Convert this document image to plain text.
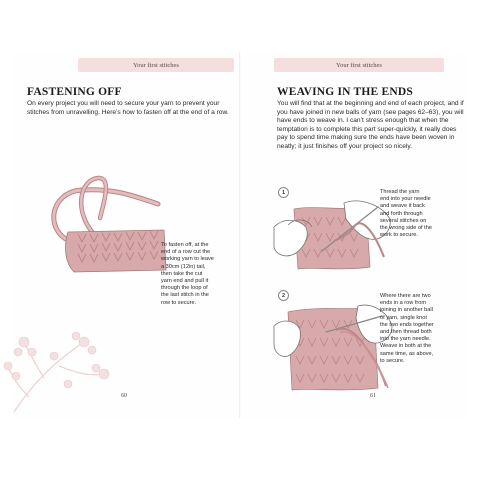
Your first stitches
FASTENING OFF
On every project you will need to secure your yarn to prevent your stitches from unravelling. Here’s how to fasten off at the end of a row.
To fasten off, at the
end of a row cut the
working yarn to leave
a 30cm (12in) tail,
then take the cut
yarn end and pull it
through the loop of
the last stitch in the
row to secure.
60
Your first stitches
WEAVING IN THE ENDS
You will find that at the beginning and end of each project, and if you have joined in new balls of yarn (see pages 62–63), you will have ends to weave in. I can’t stress enough that when the temptation is to complete this part super-quickly, it really does pay to spend time making sure the ends have been woven in neatly; it just finishes off your project so nicely.
1	Thread the yarn
end into your needle
and weave it back
and forth through
several stitches on
the wrong side of the
work to secure.
2	Where there are two
ends in a row from
joining in another ball
of yarn, single knot
the two ends together
and then thread both
into the yarn needle.
Weave in both at the
same time, as above,
to secure.
61
